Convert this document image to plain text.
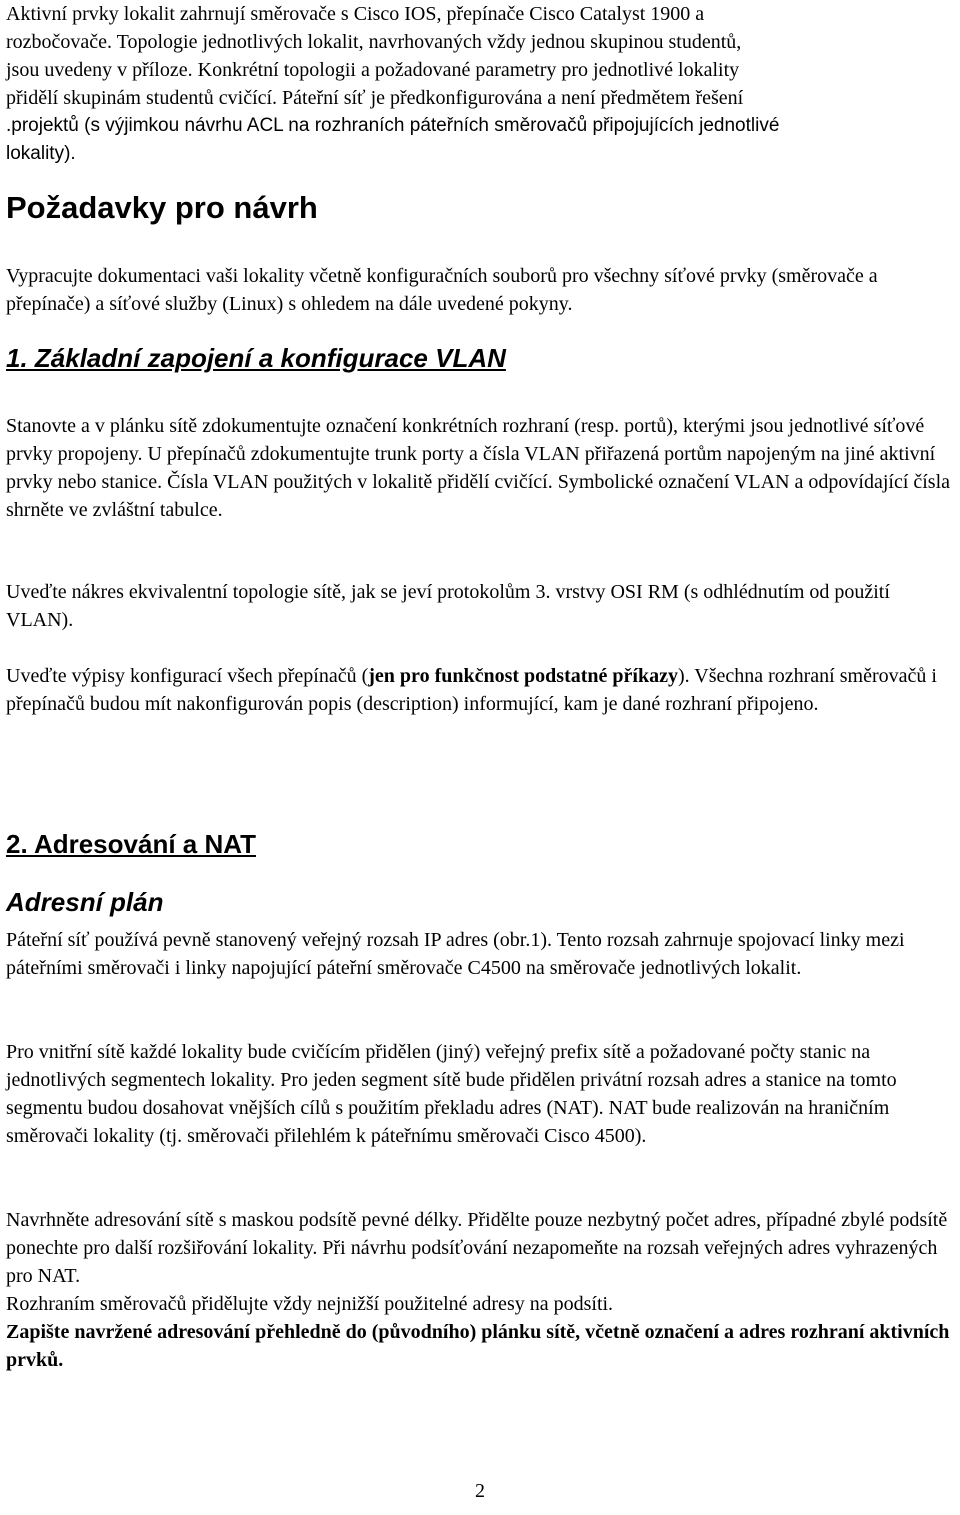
Aktivní prvky lokalit zahrnují směrovače s Cisco IOS, přepínače Cisco Catalyst 1900 a

rozbočovače. Topologie jednotlivých lokalit, navrhovaných vždy jednou skupinou studentů,

jsou uvedeny v příloze. Konkrétní topologii a požadované parametry pro jednotlivé lokality

přidělí skupinám studentů cvičící. Páteřní síť je předkonfigurována a není předmětem řešení

.projektů (s výjimkou návrhu ACL na rozhraních páteřních směrovačů připojujících jednotlivé

lokality).

Požadavky pro návrh

Vypracujte dokumentaci vaši lokality včetně konfiguračních souborů pro všechny síťové prvky (směrovače a přepínače) a síťové služby (Linux) s ohledem na dále uvedené pokyny.

1. Základní zapojení a konfigurace VLAN

Stanovte a v plánku sítě zdokumentujte označení konkrétních rozhraní (resp. portů), kterými jsou jednotlivé síťové prvky propojeny. U přepínačů zdokumentujte trunk porty a čísla VLAN přiřazená portům napojeným na jiné aktivní prvky nebo stanice. Čísla VLAN použitých v lokalitě přidělí cvičící. Symbolické označení VLAN a odpovídající čísla shrněte ve zvláštní tabulce.

Uveďte nákres ekvivalentní topologie sítě, jak se jeví protokolům 3. vrstvy OSI RM (s odhlédnutím od použití VLAN).

Uveďte výpisy konfigurací všech přepínačů (jen pro funkčnost podstatné příkazy). Všechna rozhraní směrovačů i přepínačů budou mít nakonfigurován popis (description) informující, kam je dané rozhraní připojeno.

2. Adresování a NAT
Adresní plán

Páteřní síť používá pevně stanovený veřejný rozsah IP adres (obr.1). Tento rozsah zahrnuje spojovací linky mezi páteřními směrovači i linky napojující páteřní směrovače C4500 na směrovače jednotlivých lokalit.

Pro vnitřní sítě každé lokality bude cvičícím přidělen (jiný) veřejný prefix sítě a požadované počty stanic na jednotlivých segmentech lokality. Pro jeden segment sítě bude přidělen privátní rozsah adres a stanice na tomto segmentu budou dosahovat vnějších cílů s použitím překladu adres (NAT). NAT bude realizován na hraničním směrovači lokality (tj. směrovači přilehlém k páteřnímu směrovači Cisco 4500).

Navrhněte adresování sítě s maskou podsítě pevné délky. Přidělte pouze nezbytný počet adres, případné zbylé podsítě ponechte pro další rozšiřování lokality. Při návrhu podsíťování nezapomeňte na rozsah veřejných adres vyhrazených pro NAT.

Rozhraním směrovačů přidělujte vždy nejnižší použitelné adresy na podsíti.

Zapište navržené adresování přehledně do (původního) plánku sítě, včetně označení a adres rozhraní aktivních prvků.

2
